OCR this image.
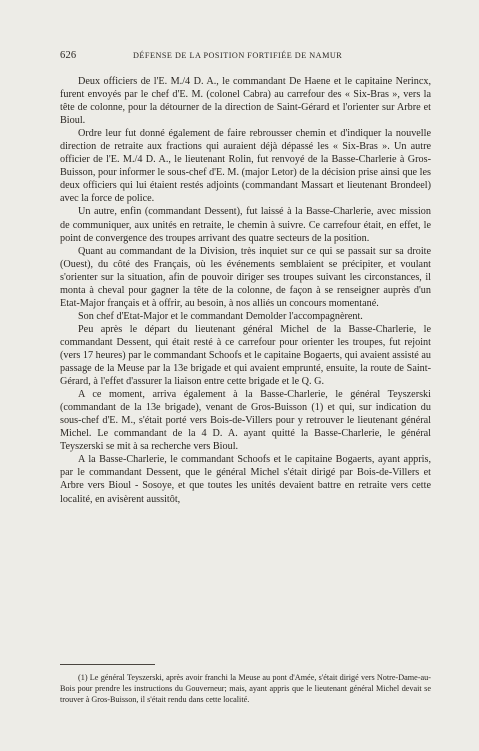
626	DÉFENSE DE LA POSITION FORTIFIÉE DE NAMUR

Deux officiers de l'E. M./4 D. A., le commandant De Haene et le capitaine Nerincx, furent envoyés par le chef d'E. M. (colonel Cabra) au carrefour des « Six-Bras », vers la tête de colonne, pour la détourner de la direction de Saint-Gérard et l'orienter sur Arbre et Bioul.

Ordre leur fut donné également de faire rebrousser chemin et d'indiquer la nouvelle direction de retraite aux fractions qui auraient déjà dépassé les « Six-Bras ». Un autre officier de l'E. M./4 D. A., le lieutenant Rolin, fut renvoyé de la Basse-Charlerie à Gros-Buisson, pour informer le sous-chef d'E. M. (major Letor) de la décision prise ainsi que les deux officiers qui lui étaient restés adjoints (commandant Massart et lieutenant Brondeel) avec la force de police.

Un autre, enfin (commandant Dessent), fut laissé à la Basse-Charlerie, avec mission de communiquer, aux unités en retraite, le chemin à suivre. Ce carrefour était, en effet, le point de convergence des troupes arrivant des quatre secteurs de la position.

Quant au commandant de la Division, très inquiet sur ce qui se passait sur sa droite (Ouest), du côté des Français, où les événements semblaient se précipiter, et voulant s'orienter sur la situation, afin de pouvoir diriger ses troupes suivant les circonstances, il monta à cheval pour gagner la tête de la colonne, de façon à se renseigner auprès d'un Etat-Major français et à offrir, au besoin, à nos alliés un concours momentané.

Son chef d'Etat-Major et le commandant Demolder l'accompagnèrent.

Peu après le départ du lieutenant général Michel de la Basse-Charlerie, le commandant Dessent, qui était resté à ce carrefour pour orienter les troupes, fut rejoint (vers 17 heures) par le commandant Schoofs et le capitaine Bogaerts, qui avaient assisté au passage de la Meuse par la 13e brigade et qui avaient emprunté, ensuite, la route de Saint-Gérard, à l'effet d'assurer la liaison entre cette brigade et le Q. G.

A ce moment, arriva également à la Basse-Charlerie, le général Teyszerski (commandant de la 13e brigade), venant de Gros-Buisson (1) et qui, sur indication du sous-chef d'E. M., s'était porté vers Bois-de-Villers pour y retrouver le lieutenant général Michel. Le commandant de la 4 D. A. ayant quitté la Basse-Charlerie, le général Teyszerski se mit à sa recherche vers Bioul.

A la Basse-Charlerie, le commandant Schoofs et le capitaine Bogaerts, ayant appris, par le commandant Dessent, que le général Michel s'était dirigé par Bois-de-Villers et Arbre vers Bioul - Sosoye, et que toutes les unités devaient battre en retraite vers cette localité, en avisèrent aussitôt,

(1) Le général Teyszerski, après avoir franchi la Meuse au pont d'Amée, s'était dirigé vers Notre-Dame-au-Bois pour prendre les instructions du Gouverneur; mais, ayant appris que le lieutenant général Michel devait se trouver à Gros-Buisson, il s'était rendu dans cette localité.
